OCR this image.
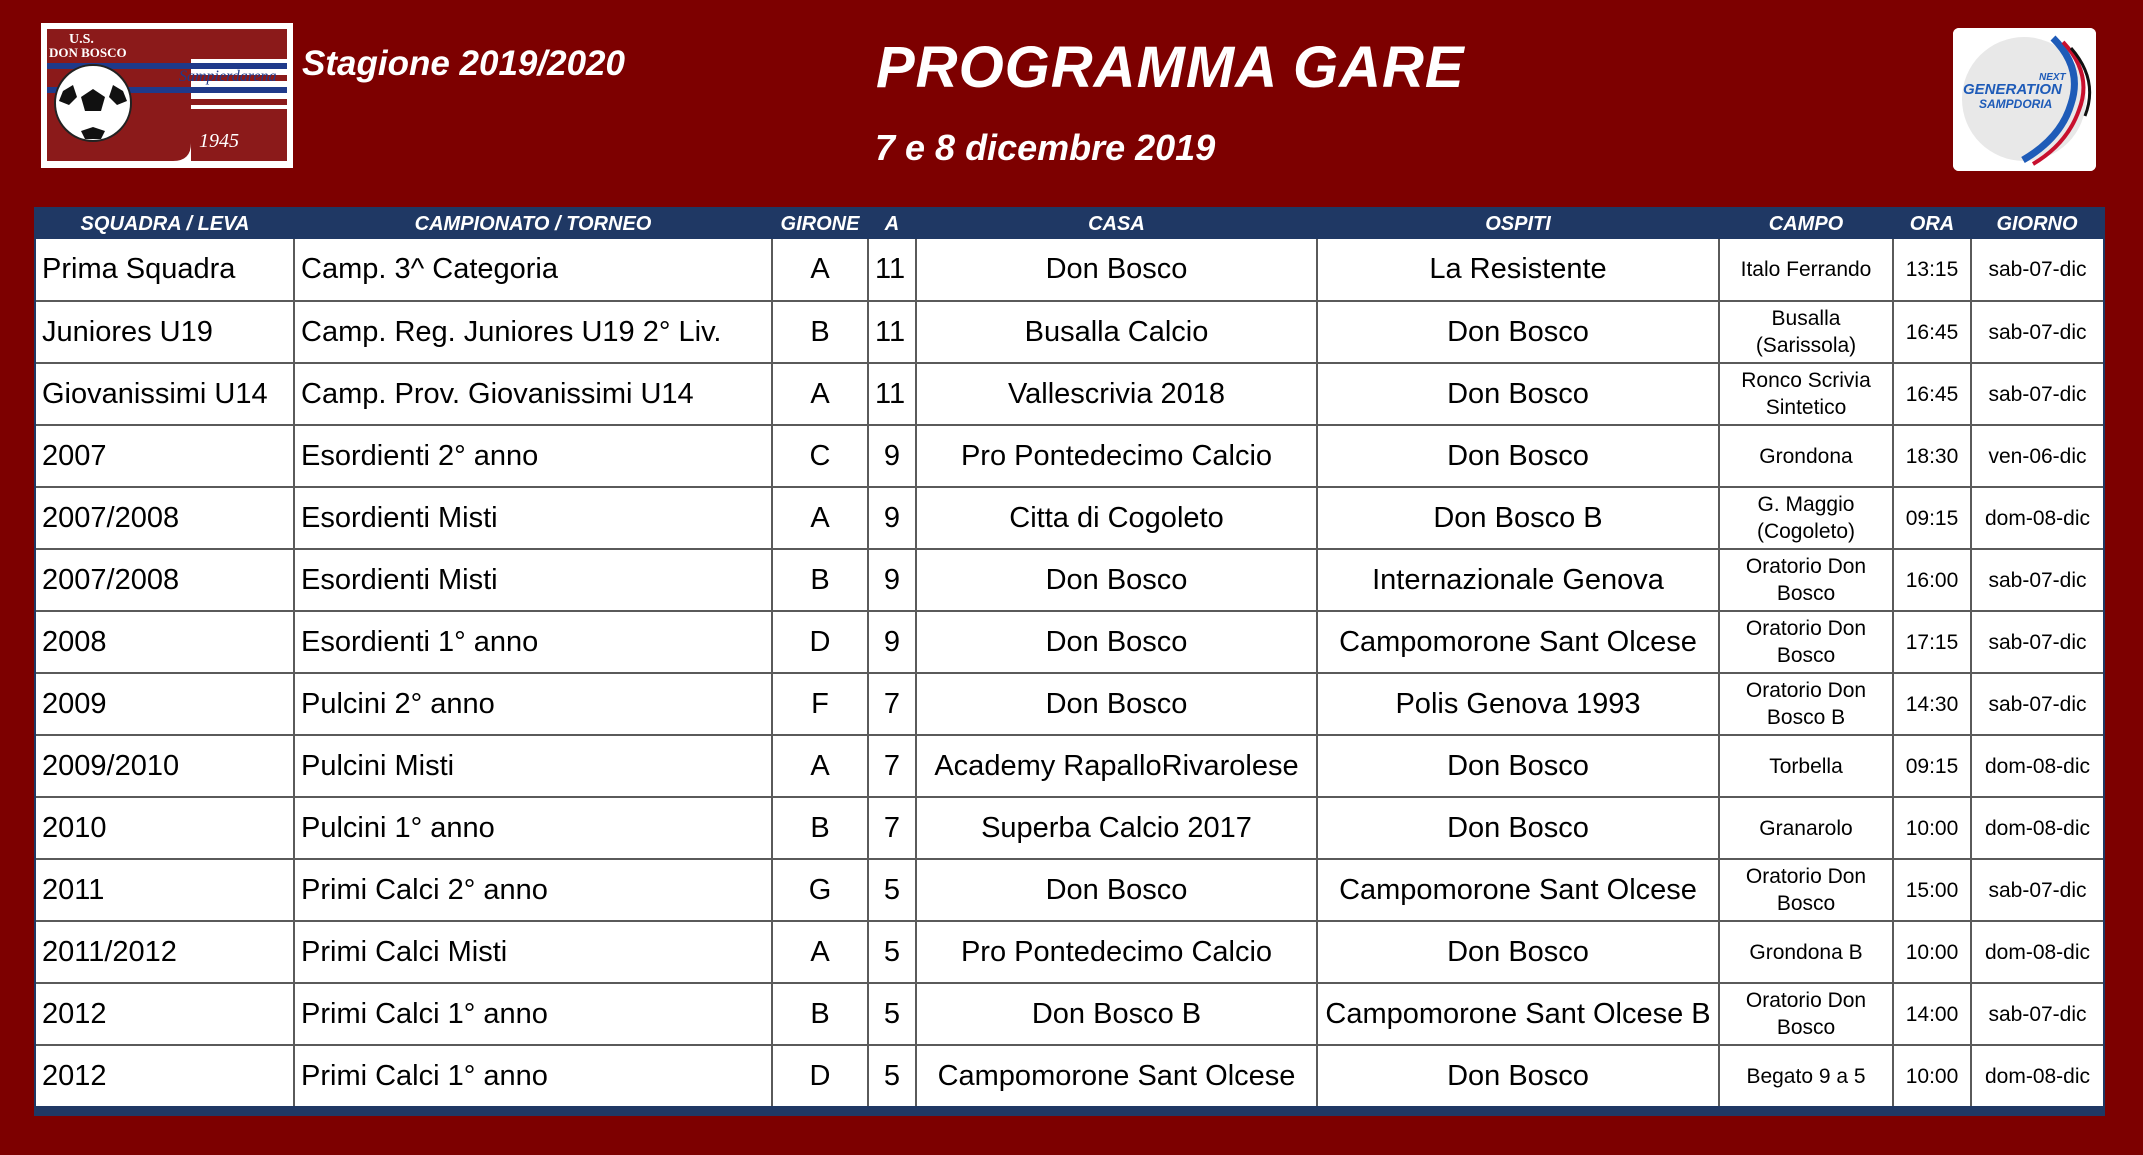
U.S.
DON BOSCO
Sampierdarena
1945
Stagione 2019/2020	PROGRAMMA GARE
7 e 8 dicembre 2019
NEXT
GENERATION
SAMPDORIA
SQUADRA / LEVA	CAMPIONATO / TORNEO	GIRONE	A	CASA	OSPITI	CAMPO	ORA	GIORNO
Prima Squadra	Camp. 3^ Categoria	A	11	Don Bosco	La Resistente	Italo Ferrando	13:15	sab-07-dic
Juniores U19	Camp. Reg. Juniores U19 2° Liv.	B	11	Busalla Calcio	Don Bosco	Busalla (Sarissola)	16:45	sab-07-dic
Giovanissimi U14	Camp. Prov. Giovanissimi U14	A	11	Vallescrivia 2018	Don Bosco	Ronco Scrivia Sintetico	16:45	sab-07-dic
2007	Esordienti 2° anno	C	9	Pro Pontedecimo Calcio	Don Bosco	Grondona	18:30	ven-06-dic
2007/2008	Esordienti Misti	A	9	Citta di Cogoleto	Don Bosco B	G. Maggio (Cogoleto)	09:15	dom-08-dic
2007/2008	Esordienti Misti	B	9	Don Bosco	Internazionale Genova	Oratorio Don Bosco	16:00	sab-07-dic
2008	Esordienti 1° anno	D	9	Don Bosco	Campomorone Sant Olcese	Oratorio Don Bosco	17:15	sab-07-dic
2009	Pulcini 2° anno	F	7	Don Bosco	Polis Genova 1993	Oratorio Don Bosco B	14:30	sab-07-dic
2009/2010	Pulcini Misti	A	7	Academy RapalloRivarolese	Don Bosco	Torbella	09:15	dom-08-dic
2010	Pulcini 1° anno	B	7	Superba Calcio 2017	Don Bosco	Granarolo	10:00	dom-08-dic
2011	Primi Calci 2° anno	G	5	Don Bosco	Campomorone Sant Olcese	Oratorio Don Bosco	15:00	sab-07-dic
2011/2012	Primi Calci Misti	A	5	Pro Pontedecimo Calcio	Don Bosco	Grondona B	10:00	dom-08-dic
2012	Primi Calci 1° anno	B	5	Don Bosco B	Campomorone Sant Olcese B	Oratorio Don Bosco	14:00	sab-07-dic
2012	Primi Calci 1° anno	D	5	Campomorone Sant Olcese	Don Bosco	Begato 9 a 5	10:00	dom-08-dic
